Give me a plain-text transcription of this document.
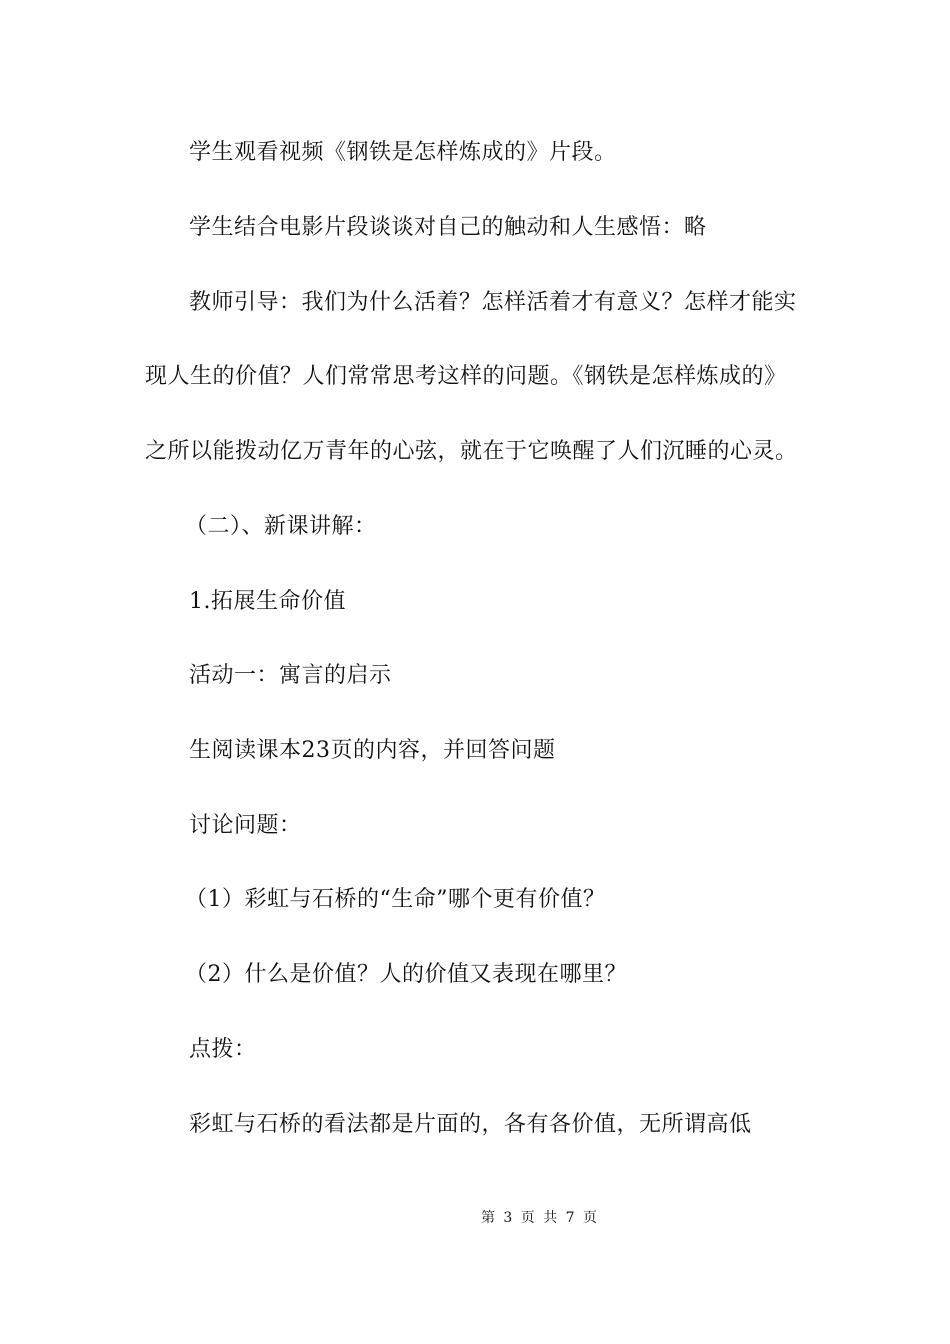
学生观看视频《钢铁是怎样炼成的》片段。
学生结合电影片段谈谈对自己的触动和人生感悟：略
教师引导：我们为什么活着？怎样活着才有意义？怎样才能实
现人生的价值？人们常常思考这样的问题。《钢铁是怎样炼成的》
之所以能拨动亿万青年的心弦，就在于它唤醒了人们沉睡的心灵。
（二）、新课讲解：
1.拓展生命价值
活动一：寓言的启示
生阅读课本23页的内容，并回答问题
讨论问题：
（1）彩虹与石桥的“生命”哪个更有价值？
（2）什么是价值？人的价值又表现在哪里？
点拨：
彩虹与石桥的看法都是片面的，各有各价值，无所谓高低
第 3 页 共 7 页
